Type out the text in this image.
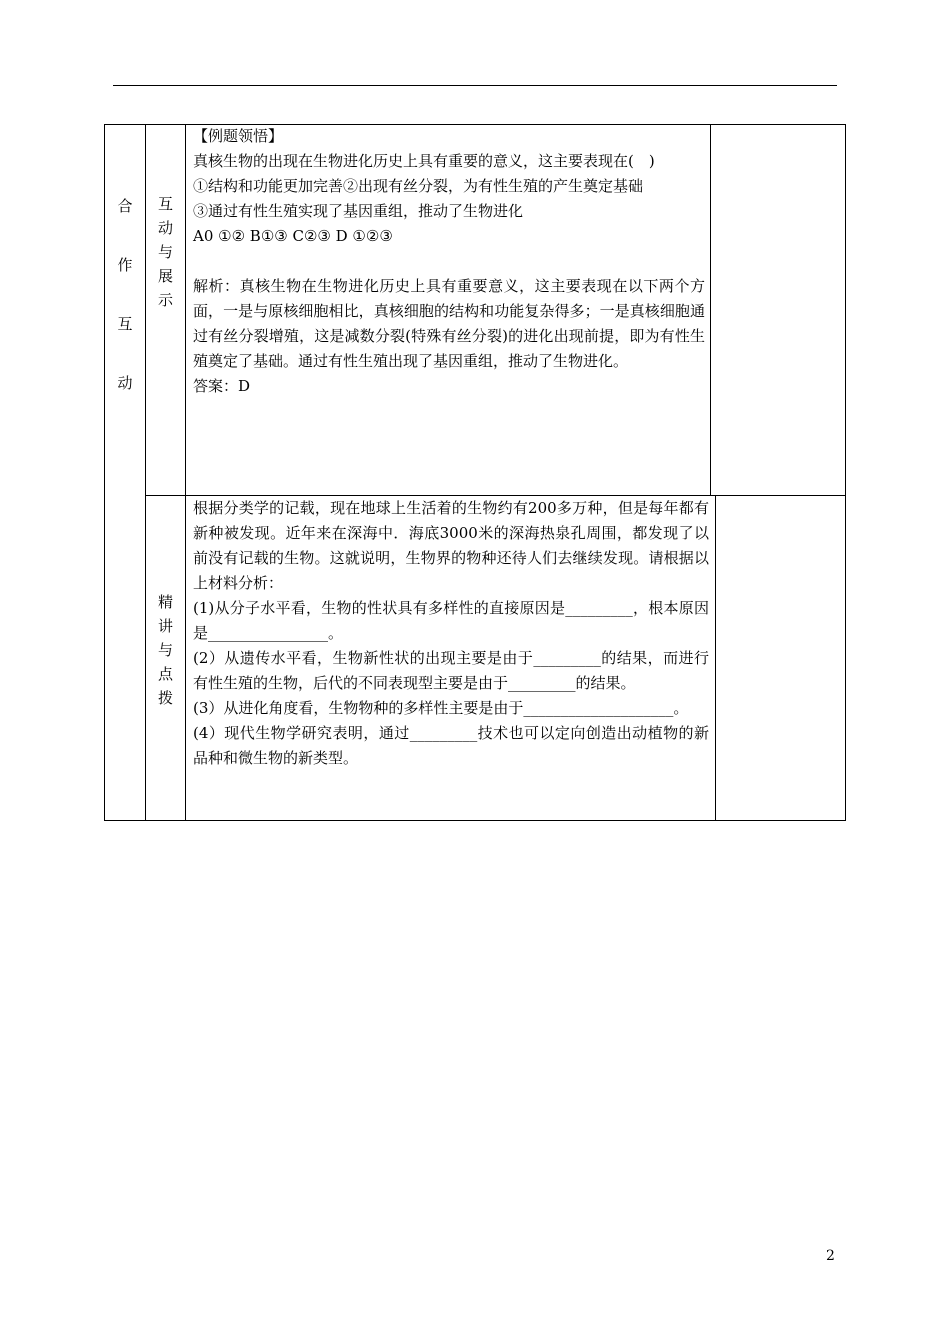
合
作
互
动
互
动
与
展
示

【例题领悟】

真核生物的出现在生物进化历史上具有重要的意义，这主要表现在(　)

①结构和功能更加完善②出现有丝分裂，为有性生殖的产生奠定基础

③通过有性生殖实现了基因重组，推动了生物进化

A0 ①② B①③ C②③ D ①②③

解析：真核生物在生物进化历史上具有重要意义，这主要表现在以下两个方面，一是与原核细胞相比，真核细胞的结构和功能复杂得多；一是真核细胞通过有丝分裂增殖，这是减数分裂(特殊有丝分裂)的进化出现前提，即为有性生殖奠定了基础。通过有性生殖出现了基因重组，推动了生物进化。

答案：D

精
讲
与
点
拨

根据分类学的记载，现在地球上生活着的生物约有200多万种，但是每年都有新种被发现。近年来在深海中．海底3000米的深海热泉孔周围，都发现了以前没有记载的生物。这就说明，生物界的物种还待人们去继续发现。请根据以上材料分析：

(1)从分子水平看，生物的性状具有多样性的直接原因是_________，根本原因是________________。

(2）从遗传水平看，生物新性状的出现主要是由于_________的结果，而进行有性生殖的生物，后代的不同表现型主要是由于_________的结果。

(3）从进化角度看，生物物种的多样性主要是由于____________________。

(4）现代生物学研究表明，通过_________技术也可以定向创造出动植物的新品种和微生物的新类型。

2
